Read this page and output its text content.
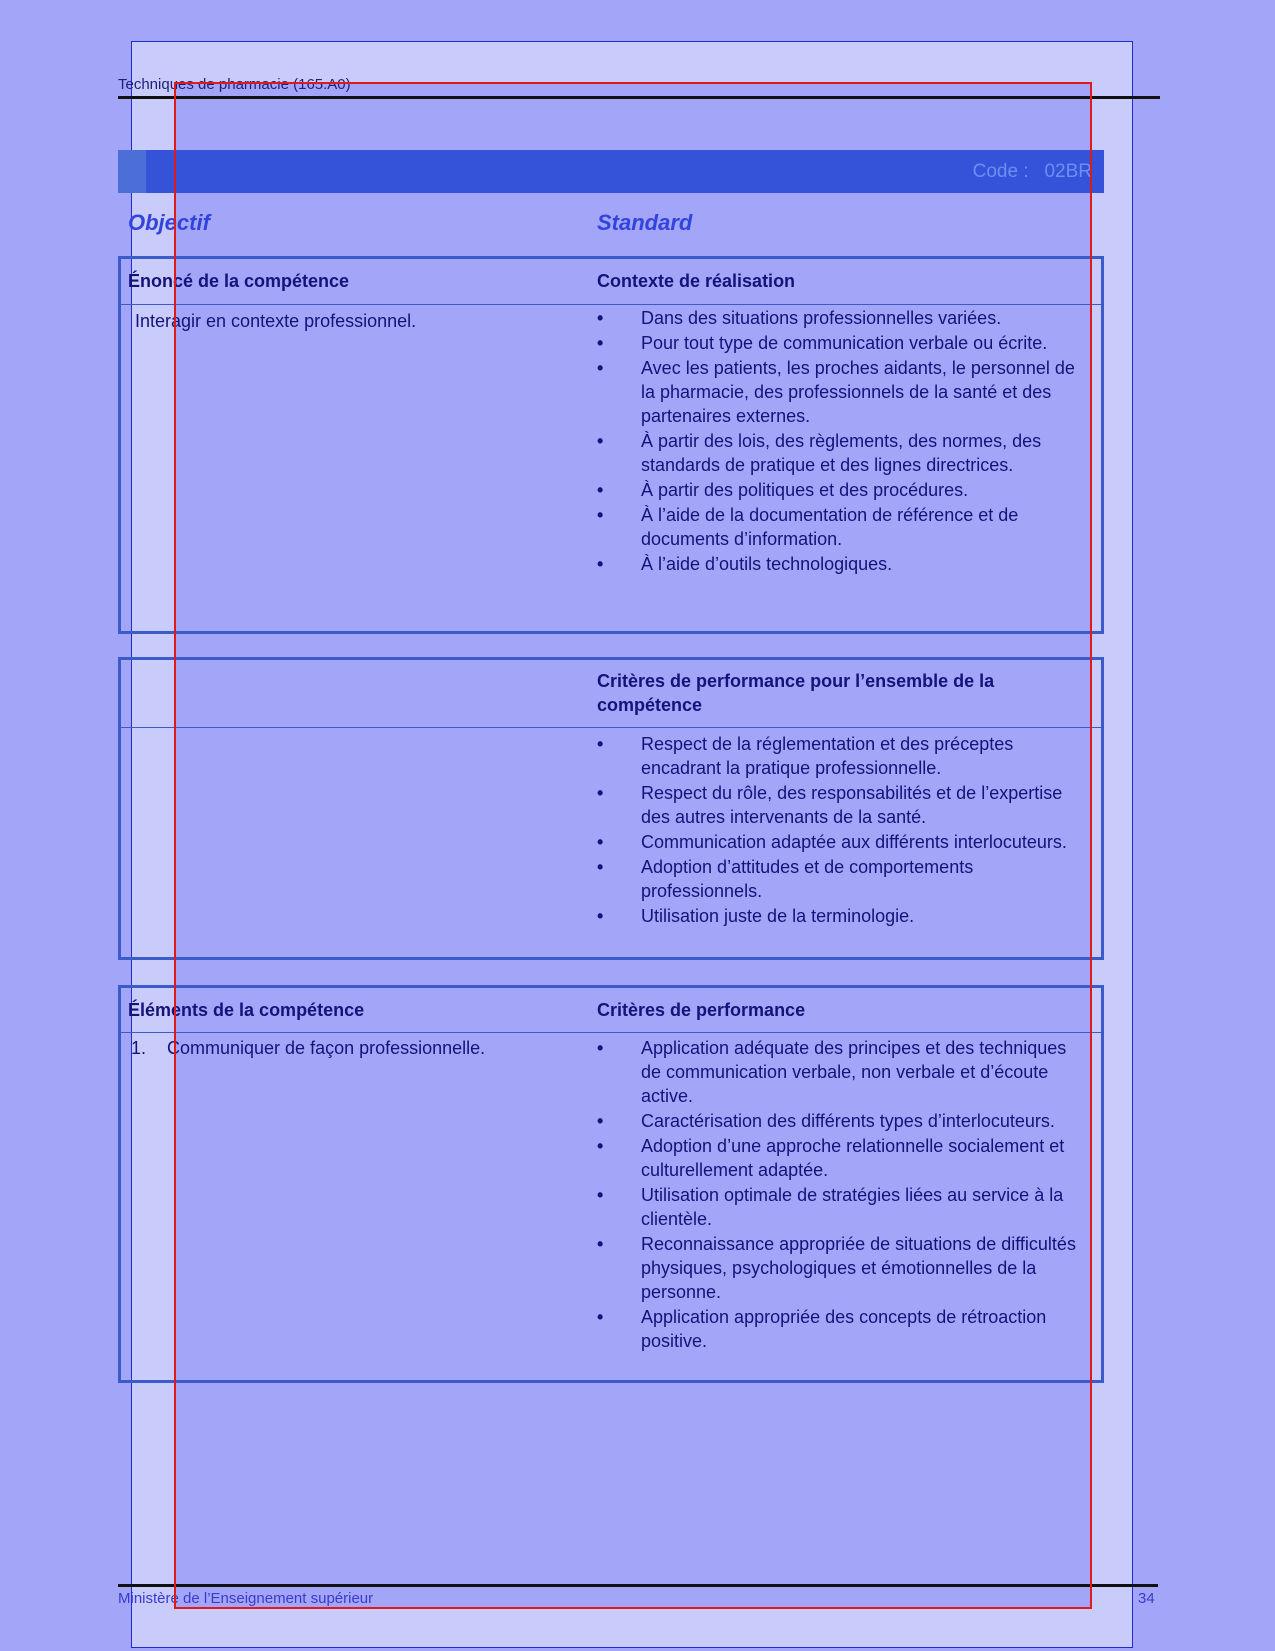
Techniques de pharmacie (165.A0)
Code : 02BR
Objectif	Standard
Énoncé de la compétence	Contexte de réalisation
Interagir en contexte professionnel.	• Dans des situations professionnelles variées.
• Pour tout type de communication verbale ou écrite.
• Avec les patients, les proches aidants, le personnel de la pharmacie, des professionnels de la santé et des partenaires externes.
• À partir des lois, des règlements, des normes, des standards de pratique et des lignes directrices.
• À partir des politiques et des procédures.
• À l’aide de la documentation de référence et de documents d’information.
• À l’aide d’outils technologiques.
Critères de performance pour l’ensemble de la compétence
• Respect de la réglementation et des préceptes encadrant la pratique professionnelle.
• Respect du rôle, des responsabilités et de l’expertise des autres intervenants de la santé.
• Communication adaptée aux différents interlocuteurs.
• Adoption d’attitudes et de comportements professionnels.
• Utilisation juste de la terminologie.
Éléments de la compétence	Critères de performance
1. Communiquer de façon professionnelle.	• Application adéquate des principes et des techniques de communication verbale, non verbale et d’écoute active.
• Caractérisation des différents types d’interlocuteurs.
• Adoption d’une approche relationnelle socialement et culturellement adaptée.
• Utilisation optimale de stratégies liées au service à la clientèle.
• Reconnaissance appropriée de situations de difficultés physiques, psychologiques et émotionnelles de la personne.
• Application appropriée des concepts de rétroaction positive.
Ministère de l’Enseignement supérieur	34
